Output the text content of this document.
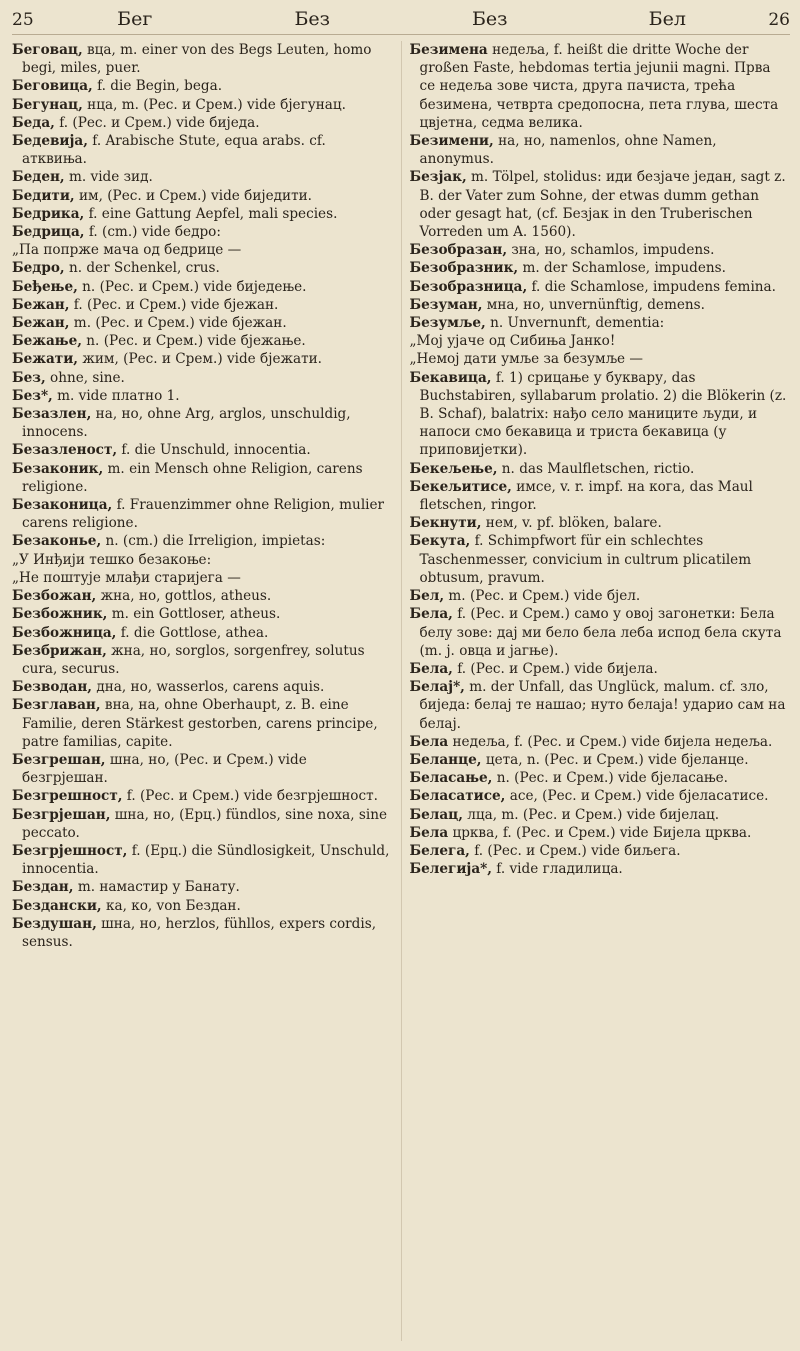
25	Бег	Без	Без	Бел	26

Беговац, вца, m. einer von des Begs Leuten, homo begi, miles, puer.

Беговица, f. die Begin, bega.

Бегунац, нца, m. (Рес. и Срем.) vide бјегунац.

Беда, f. (Рес. и Срем.) vide биједа.

Бедевија, f. Arabische Stute, equa arabs. cf. атквиња.

Беден, m. vide зид.

Бедити, им, (Рес. и Срем.) vide биједити.

Бедрика, f. eine Gattung Aepfel, mali species.

Бедрица, f. (cm.) vide бедро:

„Па попрже мача од бедрице —

Бедро, n. der Schenkel, crus.

Беђење, n. (Рес. и Срем.) vide биједење.

Бежан, f. (Рес. и Срем.) vide бјежан.

Бежан, m. (Рес. и Срем.) vide бјежан.

Бежање, n. (Рес. и Срем.) vide бјежање.

Бежати, жим, (Рес. и Срем.) vide бјежати.

Без, ohne, sine.

Без*, m. vide платно 1.

Безазлен, на, но, ohne Arg, arglos, unschuldig, innocens.

Безазленост, f. die Unschuld, innocentia.

Безаконик, m. ein Mensch ohne Religion, carens religione.

Безаконица, f. Frauenzimmer ohne Religion, mulier carens religione.

Безаконье, n. (cm.) die Irreligion, impietas:

„У Инђији тешко безакоње:

„Не поштује млађи старијега —

Безбожан, жна, но, gottlos, atheus.

Безбожник, m. ein Gottloser, atheus.

Безбожница, f. die Gottlose, athea.

Безбрижан, жна, но, sorglos, sorgenfrey, solutus cura, securus.

Безводан, дна, но, wasserlos, carens aquis.

Безглаван, вна, на, ohne Oberhaupt, z. B. eine Familie, deren Stärkest gestorben, carens principe, patre familias, capite.

Безгрешан, шна, но, (Рес. и Срем.) vide безгрјешан.

Безгрешност, f. (Рес. и Срем.) vide безгрјешност.

Безгрјешан, шна, но, (Ерц.) fündlos, sine noxa, sine peccato.

Безгрјешност, f. (Ерц.) die Sündlosigkeit, Unschuld, innocentia.

Бездан, m. намастир у Банату.

Бездански, ка, ко, von Бездан.

Бездушан, шна, но, herzlos, fühllos, expers cordis, sensus.

Безимена недеља, f. heißt die dritte Woche der großen Faste, hebdomas tertia jejunii magni. Прва се недеља зове чиста, друга пачиста, трећа безимена, четврта средопосна, пета глува, шеста цвјетна, седма велика.

Безимени, на, но, namenlos, ohne Namen, anonymus.

Безјак, m. Tölpel, stolidus: иди безјаче један, sagt z. B. der Vater zum Sohne, der etwas dumm gethan oder gesagt hat, (cf. Безјак in den Truberischen Vorreden um A. 1560).

Безобразан, зна, но, schamlos, impudens.

Безобразник, m. der Schamlose, impudens.

Безобразница, f. die Schamlose, impudens femina.

Безуман, мна, но, unvernünftig, demens.

Безумље, n. Unvernunft, dementia:

„Мој ујаче од Сибиња Јанко!

„Немој дати умље за безумље —

Бекавица, f. 1) срицање у буквару, das Buchstabiren, syllabarum prolatio. 2) die Blökerin (z. B. Schaf), balatrix: нађо село маниците људи, и напоси смо бекавица и триста бекавица (у приповијетки).

Бекељење, n. das Maulfletschen, rictio.

Бекељитисе, имсе, v. r. impf. на кога, das Maul fletschen, ringor.

Бекнути, нем, v. pf. blöken, balare.

Бекута, f. Schimpfwort für ein schlechtes Taschenmesser, convicium in cultrum plicatilem obtusum, pravum.

Бел, m. (Рес. и Срем.) vide бјел.

Бела, f. (Рес. и Срем.) само у овој загонетки: Бела белу зове: дај ми бело бела леба испод бела скута (m. j. овца и јагње).

Бела, f. (Рес. и Срем.) vide бијела.

Белај*, m. der Unfall, das Unglück, malum. cf. зло, биједа: белај те нашао; нуто белаја! ударио сам на белај.

Бела недеља, f. (Рес. и Срем.) vide бијела недеља.

Беланце, цета, n. (Рес. и Срем.) vide бјеланце.

Беласање, n. (Рес. и Срем.) vide бјеласање.

Беласатисе, асе, (Рес. и Срем.) vide бјеласатисе.

Белац, лца, m. (Рес. и Срем.) vide бијелац.

Бела црква, f. (Рес. и Срем.) vide Бијела црква.

Белега, f. (Рес. и Срем.) vide биљега.

Белегија*, f. vide гладилица.
